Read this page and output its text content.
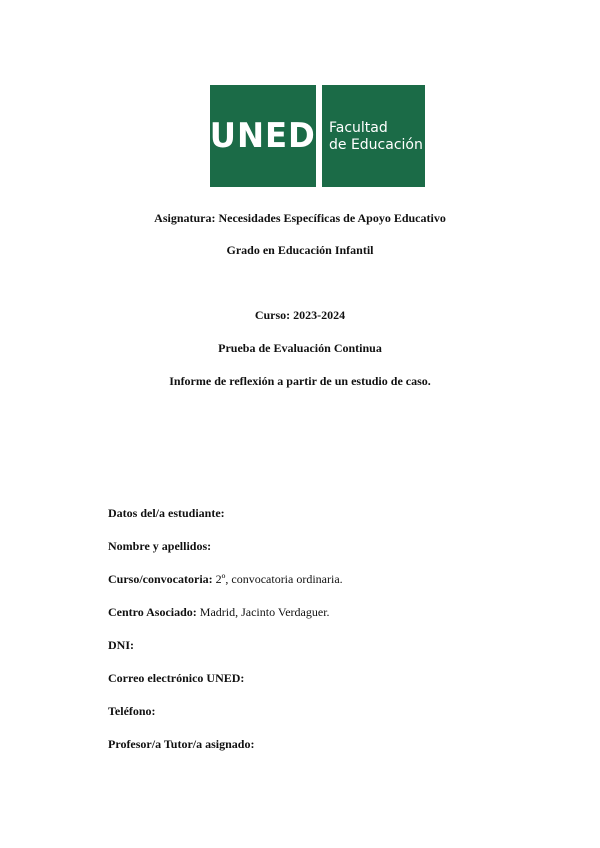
UNED Facultad
de Educación
Asignatura: Necesidades Específicas de Apoyo Educativo
Grado en Educación Infantil
Curso: 2023-2024
Prueba de Evaluación Continua
Informe de reflexión a partir de un estudio de caso.
Datos del/a estudiante:
Nombre y apellidos:
Curso/convocatoria: 2º, convocatoria ordinaria.
Centro Asociado: Madrid, Jacinto Verdaguer.
DNI:
Correo electrónico UNED:
Teléfono:
Profesor/a Tutor/a asignado:
